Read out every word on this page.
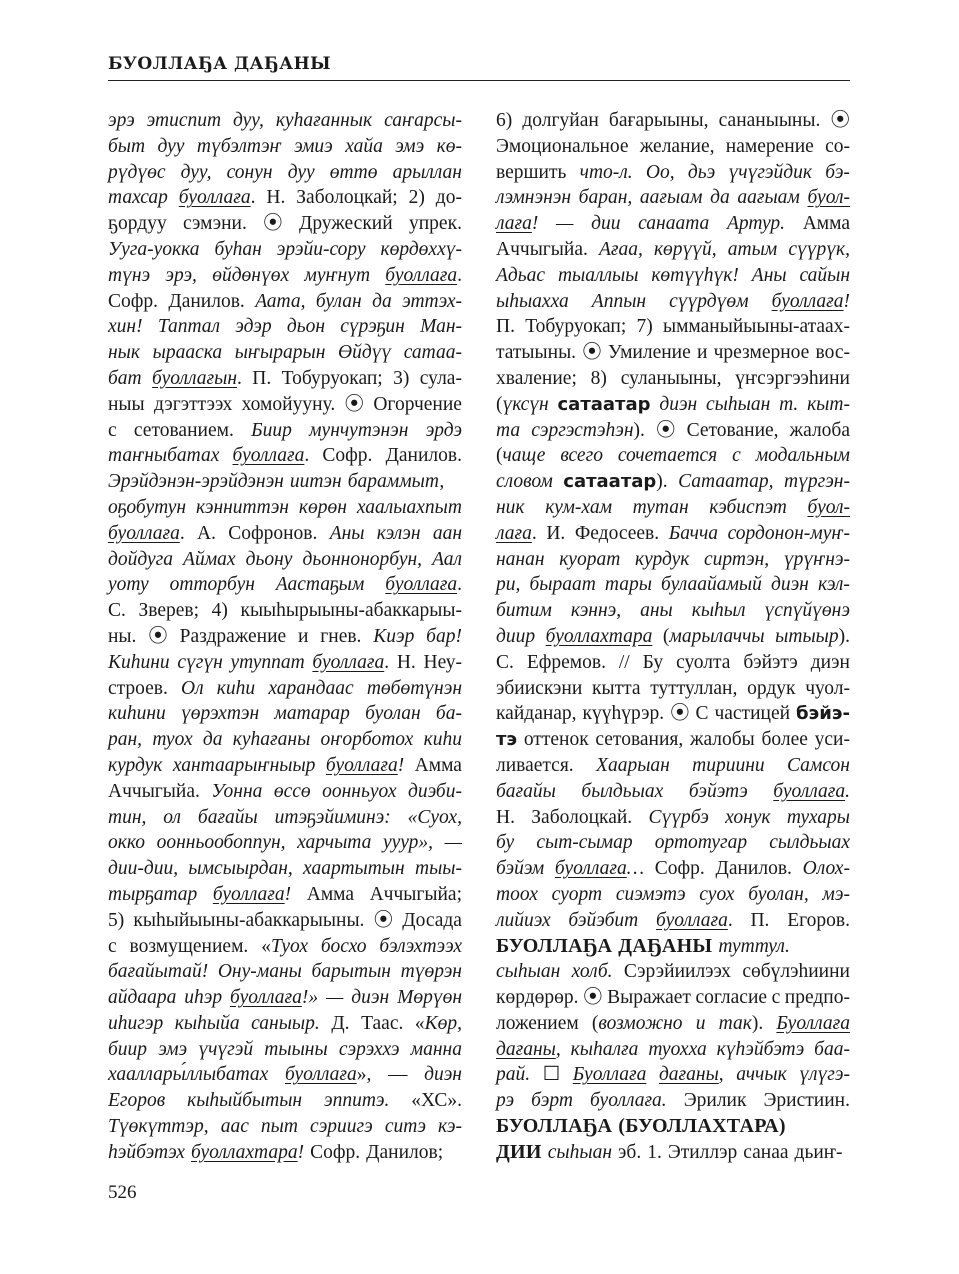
БУОЛЛАҔА ДАҔАНЫ
эрэ этиспит дуу, куһағаннык саҥарсы-
быт дуу түбэлтэҥ эмиэ хайа эмэ кө-
рүдүөс дуу, сонун дуу өттө арыллан
тахсар буоллаға. Н. Заболоцкай; 2) до-
ҕордуу сэмэни. ⦿ Дружеский упрек.
Ууга-уокка буһан эрэйи-сору көрдөххү-
түнэ эрэ, өйдөнүөх муҥнут буоллаға.
Софр. Данилов. Аата, булан да эттэх-
хин! Таптал эдэр дьон сүрэҕин Ман-
нык ырааска ыҥырарын Өйдүү сатаа-
бат буоллағын. П. Тобуруокап; 3) сула-
ныы дэгэттээх хомойууну. ⦿ Огорчение
с сетованием. Биир мунчутэнэн эрдэ
таҥныбатах буоллаға. Софр. Данилов.
Эрэйдэнэн-эрэйдэнэн иитэн бараммыт,
оҕобутун кэнниттэн көрөн хаалыахпыт
буоллаға. А. Софронов. Аны кэлэн аан
дойдуга Аймах дьону дьоннонорбун, Аал
уоту отторбун Аастаҕым буоллаға.
С. Зверев; 4) кыыһырыыны-абаккарыы-
ны. ⦿ Раздражение и гнев. Киэр бар!
Киһини сүгүн утуппат буоллаға. Н. Неу-
строев. Ол киһи харандаас төбөтүнэн
киһини үөрэхтэн матарар буолан ба-
ран, туох да куһағаны оҥорботох киһи
курдук хантаарыҥныыр буоллаға! Амма
Аччыгыйа. Уонна өссө оонньуох диэби-
тин, ол бағайы итэҕэйиминэ: «Суох,
окко оонньообоппун, харчыта ууур», —
дии-дии, ымсыырдан, хаартытын тыы-
тырҕатар буоллаға! Амма Аччыгыйа;
5) кыһыйыыны-абаккарыыны. ⦿ Досада
с возмущением. «Туох босхо бэлэхтээх
бағайытай! Ону-маны барытын түөрэн
айдаара иһэр буоллаға!» — диэн Мөрүөн
иһигэр кыһыйа саныыр. Д. Таас. «Көр,
биир эмэ үчүгэй тыыны сэрэххэ манна
хааллары́ллыбатах буоллаға», — диэн
Егоров кыһыйбытын эппитэ. «ХС».
Түөкүттэр, аас пыт сэриигэ ситэ кэ-
һэйбэтэх буоллахтара! Софр. Данилов;
6) долгуйан бағарыыны, сананыыны. ⦿
Эмоциональное желание, намерение со-
вершить что-л. Оо, дьэ үчүгэйдик бэ-
лэмнэнэн баран, аағыам да аағыам буол-
лаға! — дии санаата Артур. Амма
Аччыгыйа. Ағаа, көрүүй, атым сүүрүк,
Адьас тыаллыы көтүүһүк! Аны сайын
ыһыахха Аппын сүүрдүөм буоллаға!
П. Тобуруокап; 7) ымманыйыыны-атаах-
татыыны. ⦿ Умиление и чрезмерное вос-
хваление; 8) суланыыны, үҥсэргээһини
(үксүн сатаатар диэн сыһыан т. кыт-
та сэргэстэһэн). ⦿ Сетование, жалоба
(чаще всего сочетается с модальным
словом сатаатар). Сатаатар, түргэн-
ник кум-хам тутан кэбиспэт буол-
лаға. И. Федосеев. Бачча сордонон-муҥ-
нанан куорат курдук сиртэн, үрүҥнэ-
ри, быраат тары булаайамый диэн кэл-
битим кэннэ, аны кыһыл үспүйүөнэ
диир буоллахтара (марылаччы ытыыр).
С. Ефремов. // Бу суолта бэйэтэ диэн
эбиискэни кытта туттуллан, ордук чуол-
кайданар, күүһүрэр. ⦿ С частицей бэйэ-
тэ оттенок сетования, жалобы более уси-
ливается. Хаарыан тириини Самсон
бағайы былдьыах бэйэтэ буоллаға.
Н. Заболоцкай. Сүүрбэ хонук тухары
бу сыт-сымар ортотугар сылдьыах
бэйэм буоллаға… Софр. Данилов. Олох-
тоох суорт сиэмэтэ суох буолан, мэ-
лийиэх бэйэбит буоллаға. П. Егоров.
БУОЛЛАҔА ДАҔАНЫ туттул.
сыһыан холб. Сэрэйиилээх сөбүлэһиини
көрдөрөр. ⦿ Выражает согласие с предпо-
ложением (возможно и так). Буоллаға
дағаны, кыһалға туохха күһэйбэтэ баа-
рай. ☐ Буоллаға дағаны, аччык үлүгэ-
рэ бэрт буоллаға. Эрилик Эристиин.
БУОЛЛАҔА (БУОЛЛАХТАРА)
ДИИ сыһыан эб. 1. Этиллэр санаа дьиҥ-
526
